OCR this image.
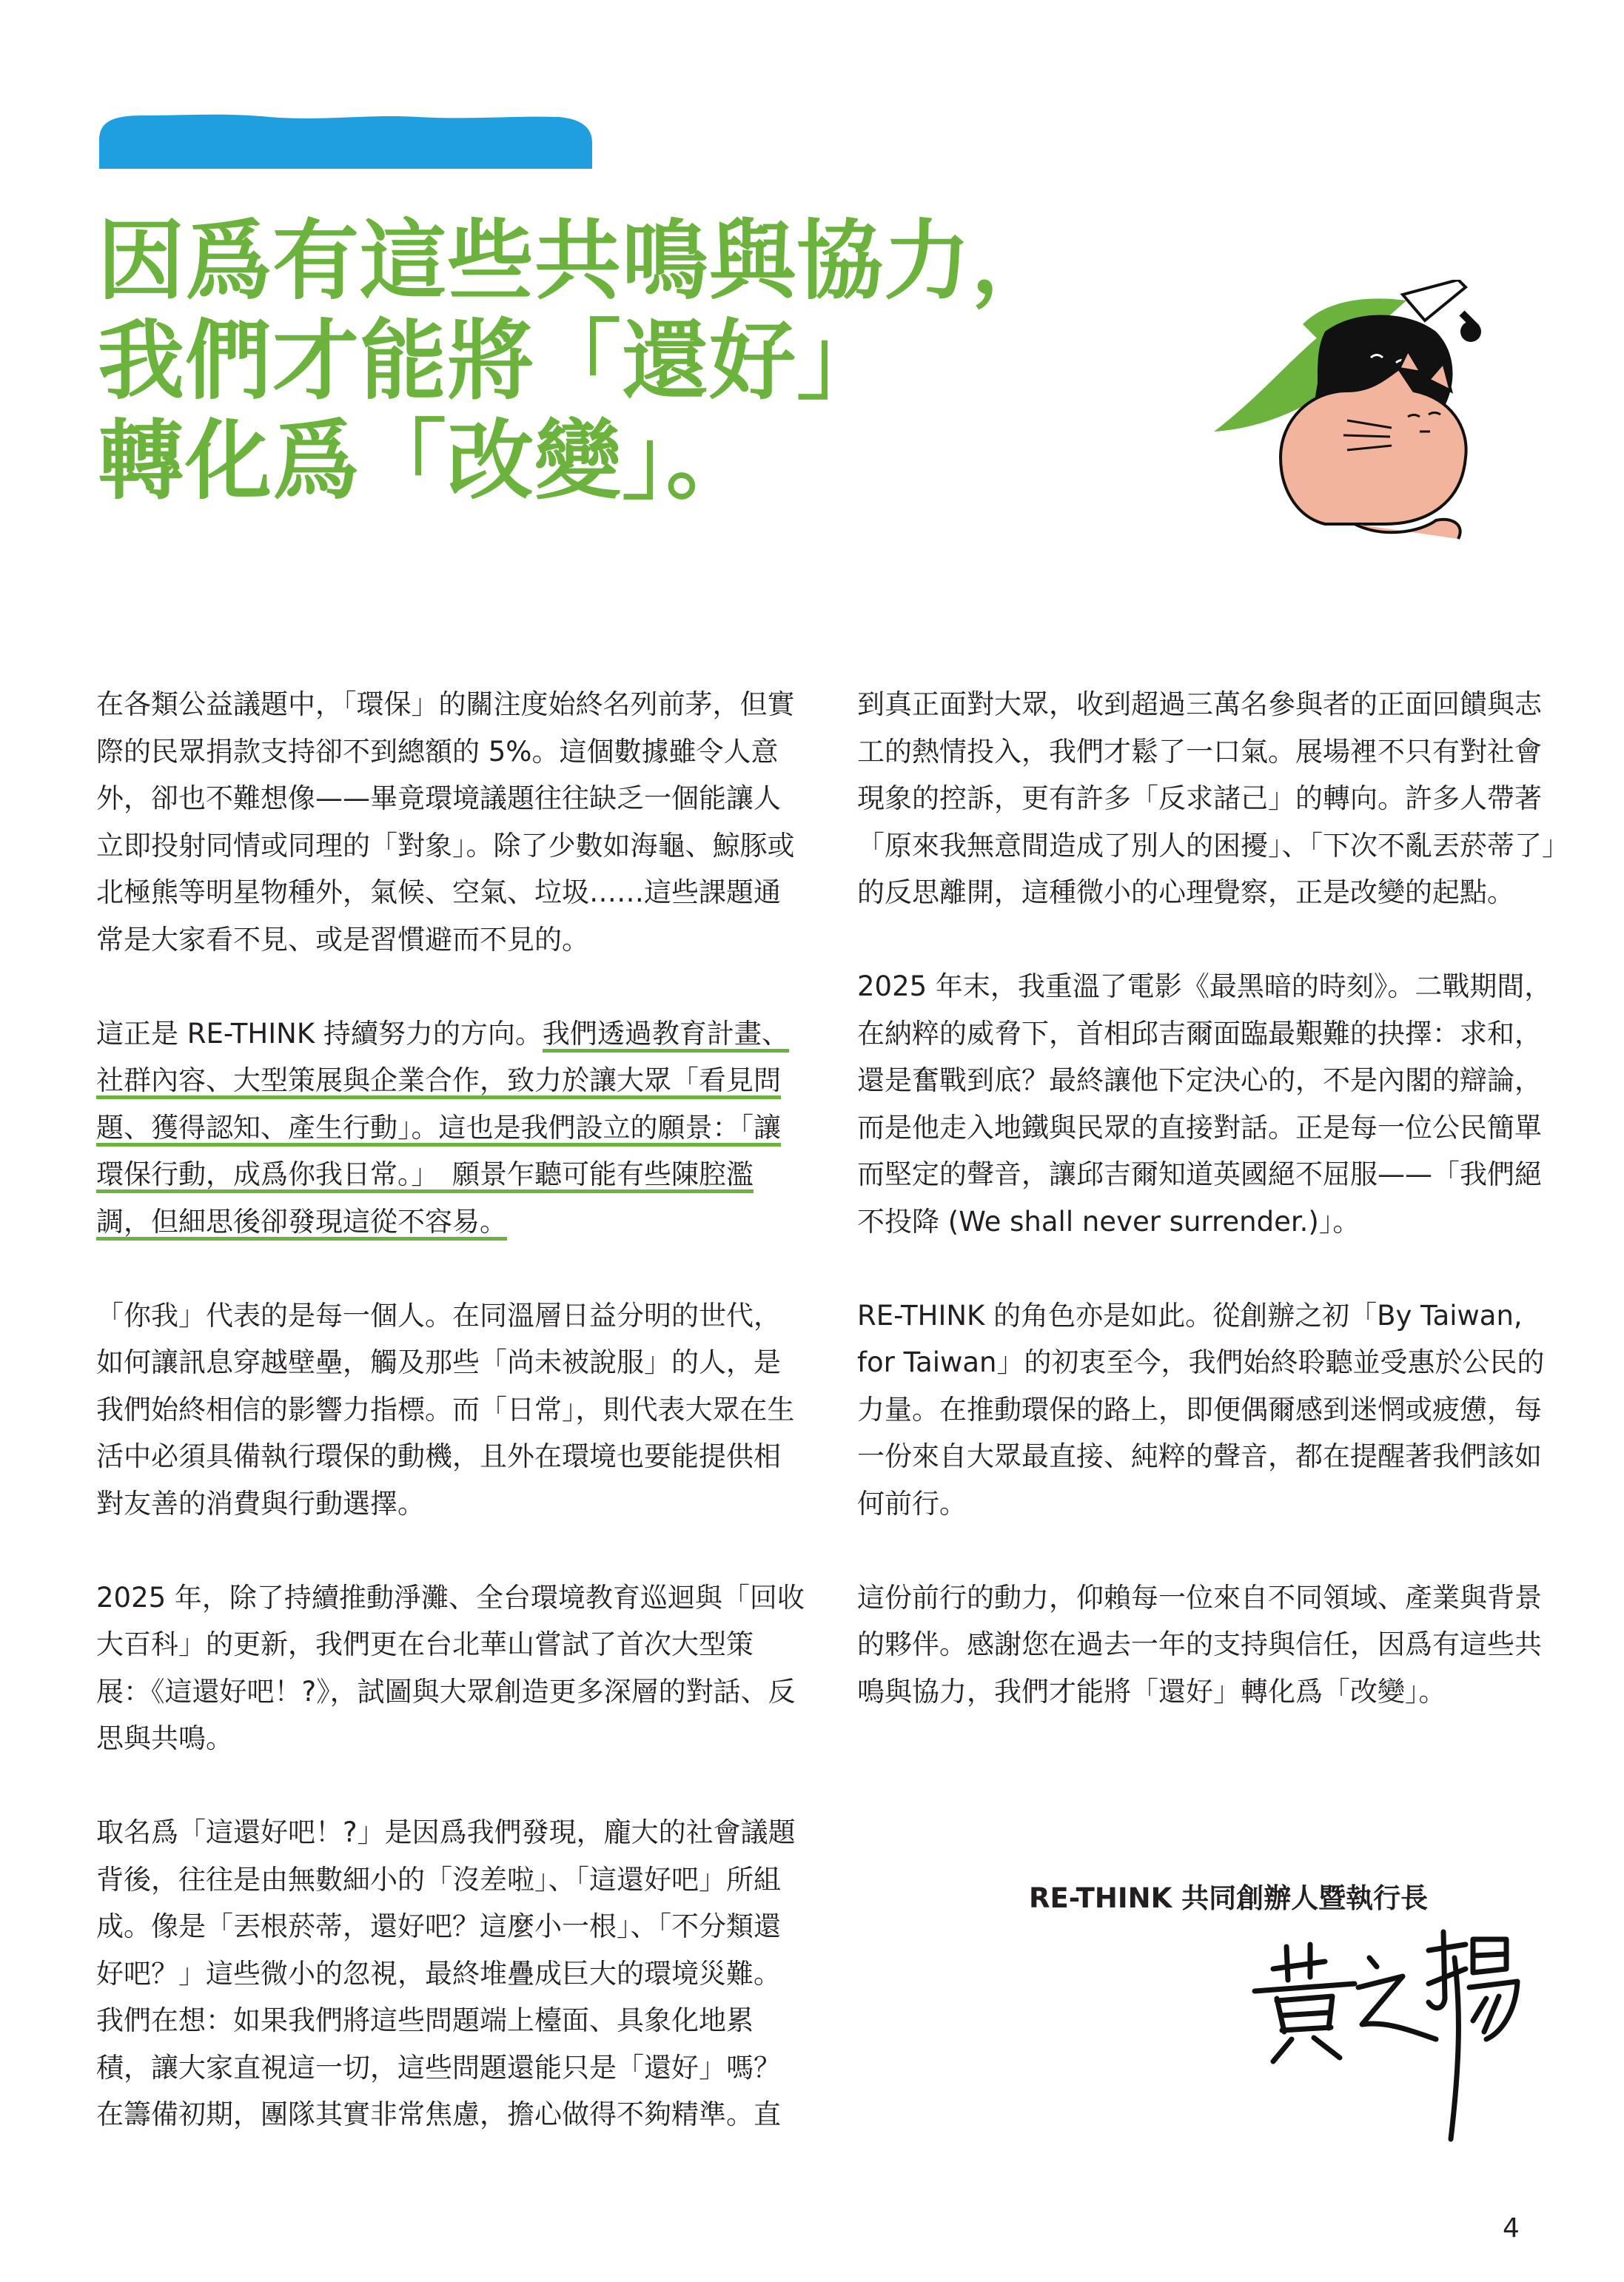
因爲有這些共鳴與協力，
我們才能將「還好」
轉化爲「改變」。

在各類公益議題中，「環保」的關注度始終名列前茅，但實際的民眾捐款支持卻不到總額的 5%。這個數據雖令人意外，卻也不難想像——畢竟環境議題往往缺乏一個能讓人立即投射同情或同理的「對象」。除了少數如海龜、鯨豚或北極熊等明星物種外，氣候、空氣、垃圾……這些課題通常是大家看不見、或是習慣避而不見的。

這正是 RE-THINK 持續努力的方向。我們透過教育計畫、社群內容、大型策展與企業合作，致力於讓大眾「看見問題、獲得認知、產生行動」。這也是我們設立的願景：「讓環保行動，成爲你我日常。」　願景乍聽可能有些陳腔濫調，但細思後卻發現這從不容易。

「你我」代表的是每一個人。在同溫層日益分明的世代，如何讓訊息穿越壁壘，觸及那些「尚未被說服」的人，是我們始終相信的影響力指標。而「日常」，則代表大眾在生活中必須具備執行環保的動機，且外在環境也要能提供相對友善的消費與行動選擇。

2025 年，除了持續推動淨灘、全台環境教育巡迴與「回收大百科」的更新，我們更在台北華山嘗試了首次大型策展：《這還好吧！?》，試圖與大眾創造更多深層的對話、反思與共鳴。

取名爲「這還好吧！?」是因爲我們發現，龐大的社會議題背後，往往是由無數細小的「沒差啦」、「這還好吧」所組成。像是「丟根菸蒂，還好吧？這麼小一根」、「不分類還好吧？」這些微小的忽視，最終堆疊成巨大的環境災難。我們在想：如果我們將這些問題端上檯面、具象化地累積，讓大家直視這一切，這些問題還能只是「還好」嗎？
在籌備初期，團隊其實非常焦慮，擔心做得不夠精準。直

到真正面對大眾，收到超過三萬名參與者的正面回饋與志工的熱情投入，我們才鬆了一口氣。展場裡不只有對社會現象的控訴，更有許多「反求諸己」的轉向。許多人帶著「原來我無意間造成了別人的困擾」、「下次不亂丟菸蒂了」的反思離開，這種微小的心理覺察，正是改變的起點。

2025 年末，我重溫了電影《最黑暗的時刻》。二戰期間，在納粹的威脅下，首相邱吉爾面臨最艱難的抉擇：求和，還是奮戰到底？最終讓他下定決心的，不是內閣的辯論，而是他走入地鐵與民眾的直接對話。正是每一位公民簡單而堅定的聲音，讓邱吉爾知道英國絕不屈服——「我們絕不投降 (We shall never surrender.)」。

RE-THINK 的角色亦是如此。從創辦之初「By Taiwan, for Taiwan」的初衷至今，我們始終聆聽並受惠於公民的力量。在推動環保的路上，即便偶爾感到迷惘或疲憊，每一份來自大眾最直接、純粹的聲音，都在提醒著我們該如何前行。

這份前行的動力，仰賴每一位來自不同領域、產業與背景的夥伴。感謝您在過去一年的支持與信任，因爲有這些共鳴與協力，我們才能將「還好」轉化爲「改變」。

RE-THINK 共同創辦人暨執行長
4
